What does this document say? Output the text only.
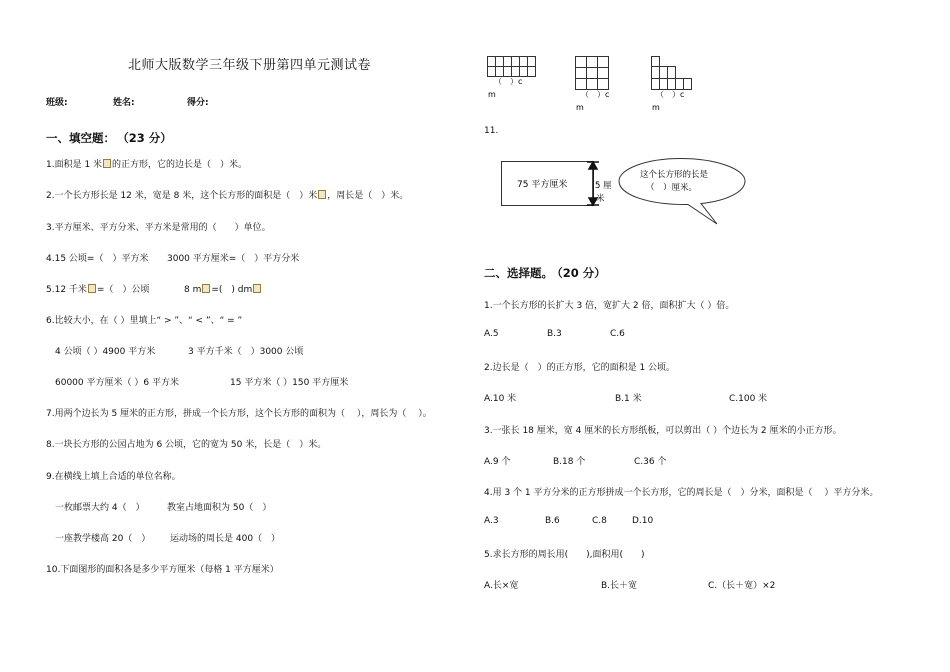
北师大版数学三年级下册第四单元测试卷
班级:	姓名:	得分:
一、填空题： （23 分）
1.面积是 1 米 的正方形，它的边长是（　）米。
2.一个长方形长是 12 米，宽是 8 米，这个长方形的面积是（　）米 ，周长是（　）米。
3.平方厘米、平方分米、平方米是常用的（　　）单位。
4.15 公顷=（　）平方米 3000 平方厘米=（　）平方分米
5.12 千米 =（　）公顷	8 m =(　) dm
6.比较大小，在（ ）里填上“ > ”、“ < ”、“ = ”
4 公顷（ ）4900 平方米	3 平方千米（　）3000 公顷
60000 平方厘米（ ）6 平方米	15 平方米（ ）150 平方厘米
7.用两个边长为 5 厘米的正方形，拼成一个长方形，这个长方形的面积为（　 ），周长为（　 ）。
8.一块长方形的公园占地为 6 公顷，它的宽为 50 米，长是（　）米。
9.在横线上填上合适的单位名称。
一枚邮票大约 4（　） 教室占地面积为 50（　）
一座教学楼高 20（　） 运动场的周长是 400（　）
10.下面图形的面积各是多少平方厘米（每格 1 平方厘米）
（　）c
m	（　）c
m
（　）c
m
11.
75 平方厘米	5 厘
米
这个长方形的长是
（　）厘米。
二、选择题。 （20 分）
1.一个长方形的长扩大 3 倍，宽扩大 2 倍，面积扩大（ ）倍。
A.5	B.3	C.6
2.边长是（　）的正方形，它的面积是 1 公顷。
A.10 米	B.1 米	C.100 米
3.一张长 18 厘米，宽 4 厘米的长方形纸板，可以剪出（ ）个边长为 2 厘米的小正方形。
A.9 个	B.18 个	C.36 个
4.用 3 个 1 平方分米的正方形拼成一个长方形，它的周长是（　）分米，面积是（　 ）平方分米。
A.3	B.6	C.8	D.10
5.求长方形的周长用(　　),面积用(　　)
A.长×宽	B.长＋宽	C.（长＋宽）×2
